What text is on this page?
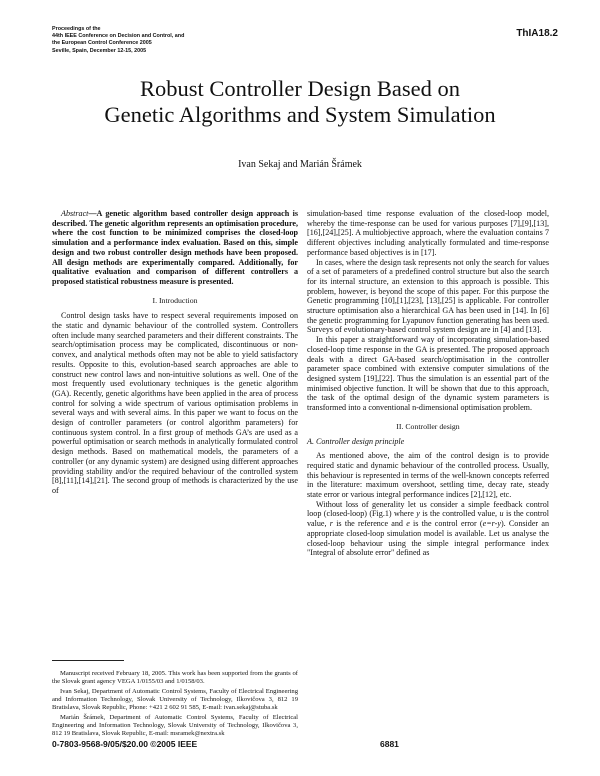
Proceedings of the
44th IEEE Conference on Decision and Control, and
the European Control Conference 2005
Seville, Spain, December 12-15, 2005
ThIA18.2
Robust Controller Design Based on
Genetic Algorithms and System Simulation
Ivan Sekaj and Marián Šrámek

Abstract—A genetic algorithm based controller design approach is described. The genetic algorithm represents an optimisation procedure, where the cost function to be minimized comprises the closed-loop simulation and a performance index evaluation. Based on this, simple design and two robust controller design methods have been proposed. All design methods are experimentally compared. Additionally, for qualitative evaluation and comparison of different controllers a proposed statistical robustness measure is presented.

I. Introduction

Control design tasks have to respect several requirements imposed on the static and dynamic behaviour of the controlled system. Controllers often include many searched parameters and their different constraints. The search/optimisation process may be complicated, discontinuous or non-convex, and analytical methods often may not be able to yield satisfactory results. Opposite to this, evolution-based search approaches are able to construct new control laws and non-intuitive solutions as well. One of the most frequently used evolutionary techniques is the genetic algorithm (GA). Recently, genetic algorithms have been applied in the area of process control for solving a wide spectrum of various optimisation problems in several ways and with several aims. In this paper we want to focus on the design of controller parameters (or control algorithm parameters) for continuous system control. In a first group of methods GA’s are used as a powerful optimisation or search methods in analytically formulated control design methods. Based on mathematical models, the parameters of a controller (or any dynamic system) are designed using different approaches providing stability and/or the required behaviour of the controlled system [8],[11],[14],[21]. The second group of methods is characterized by the use of

Manuscript received February 18, 2005. This work has been supported from the grants of the Slovak grant agency VEGA 1/0155/03 and 1/0158/03.

Ivan Sekaj, Department of Automatic Control Systems, Faculty of Electrical Engineering and Information Technology, Slovak University of Technology, Ilkovičova 3, 812 19 Bratislava, Slovak Republic, Phone: +421 2 602 91 585, E-mail: ivan.sekaj@stuba.sk

Marián Šrámek, Department of Automatic Control Systems, Faculty of Electrical Engineering and Information Technology, Slovak University of Technology, Ilkovičova 3, 812 19 Bratislava, Slovak Republic, E-mail: msramek@nextra.sk

simulation-based time response evaluation of the closed-loop model, whereby the time-response can be used for various purposes [7],[9],[13],[16],[24],[25]. A multiobjective approach, where the evaluation contains 7 different objectives including analytically formulated and time-response performance based objectives is in [17].

In cases, where the design task represents not only the search for values of a set of parameters of a predefined control structure but also the search for its internal structure, an extension to this approach is possible. This problem, however, is beyond the scope of this paper. For this purpose the Genetic programming [10],[1],[23], [13],[25] is applicable. For controller structure optimisation also a hierarchical GA has been used in [14]. In [6] the genetic programming for Lyapunov function generating has been used. Surveys of evolutionary-based control system design are in [4] and [13].

In this paper a straightforward way of incorporating simulation-based closed-loop time response in the GA is presented. The proposed approach deals with a direct GA-based search/optimisation in the controller parameter space combined with extensive computer simulations of the designed system [19],[22]. Thus the simulation is an essential part of the minimised objective function. It will be shown that due to this approach, the task of the optimal design of the dynamic system parameters is transformed into a conventional n-dimensional optimisation problem.

II. Controller design
A. Controller design principle

As mentioned above, the aim of the control design is to provide required static and dynamic behaviour of the controlled process. Usually, this behaviour is represented in terms of the well-known concepts referred in the literature: maximum overshoot, settling time, decay rate, steady state error or various integral performance indices [2],[12], etc.

Without loss of generality let us consider a simple feedback control loop (closed-loop) (Fig.1) where y is the controlled value, u is the control value, r is the reference and e is the control error (e=r-y). Consider an appropriate closed-loop simulation model is available. Let us analyse the closed-loop behaviour using the simple integral performance index "Integral of absolute error" defined as

0-7803-9568-9/05/$20.00 ©2005 IEEE	6881
